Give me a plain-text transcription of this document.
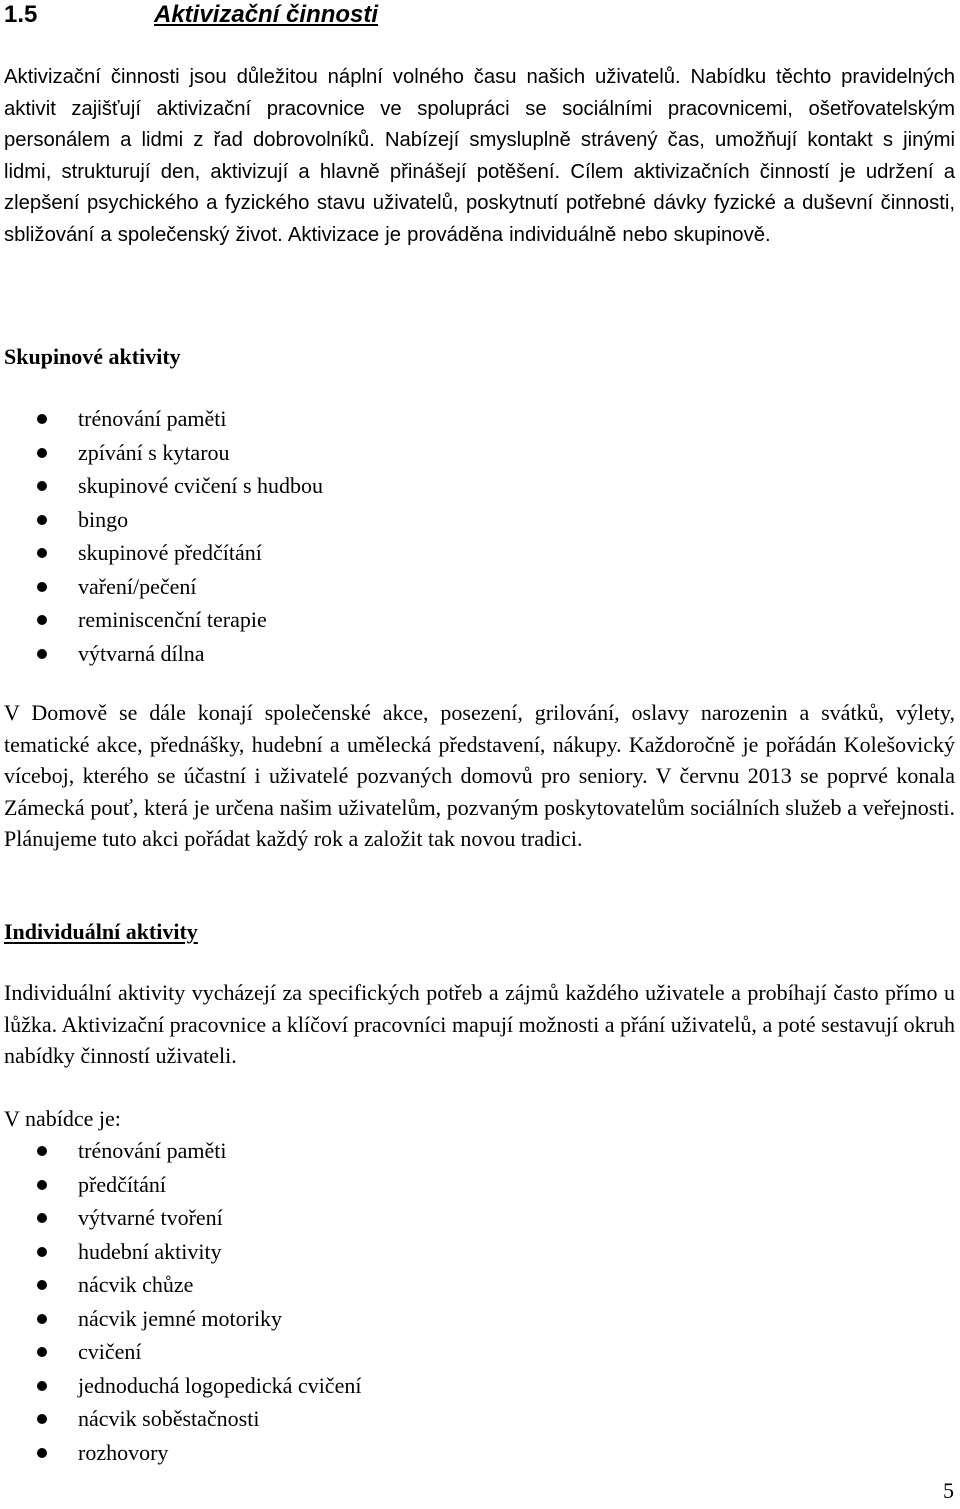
1.5	Aktivizační činnosti

Aktivizační činnosti jsou důležitou náplní volného času našich uživatelů. Nabídku těchto pravidelných aktivit zajišťují aktivizační pracovnice ve spolupráci se sociálními pracovnicemi, ošetřovatelským personálem a lidmi z řad dobrovolníků. Nabízejí smysluplně strávený čas, umožňují kontakt s jinými lidmi, strukturují den, aktivizují a hlavně přinášejí potěšení. Cílem aktivizačních činností je udržení a zlepšení psychického a fyzického stavu uživatelů, poskytnutí potřebné dávky fyzické a duševní činnosti, sbližování a společenský život. Aktivizace je prováděna individuálně nebo skupinově.

Skupinové aktivity

trénování paměti
zpívání s kytarou
skupinové cvičení s hudbou
bingo
skupinové předčítání
vaření/pečení
reminiscenční terapie
výtvarná dílna

V Domově se dále konají společenské akce, posezení, grilování, oslavy narozenin a svátků, výlety, tematické akce, přednášky, hudební a umělecká představení, nákupy. Každoročně je pořádán Kolešovický víceboj, kterého se účastní i uživatelé pozvaných domovů pro seniory. V červnu 2013 se poprvé konala Zámecká pouť, která je určena našim uživatelům, pozvaným poskytovatelům sociálních služeb a veřejnosti. Plánujeme tuto akci pořádat každý rok a založit tak novou tradici.

Individuální aktivity

Individuální aktivity vycházejí za specifických potřeb a zájmů každého uživatele a probíhají často přímo u lůžka. Aktivizační pracovnice a klíčoví pracovníci mapují možnosti a přání uživatelů, a poté sestavují okruh nabídky činností uživateli.

V nabídce je:

trénování paměti
předčítání
výtvarné tvoření
hudební aktivity
nácvik chůze
nácvik jemné motoriky
cvičení
jednoduchá logopedická cvičení
nácvik soběstačnosti
rozhovory
5
